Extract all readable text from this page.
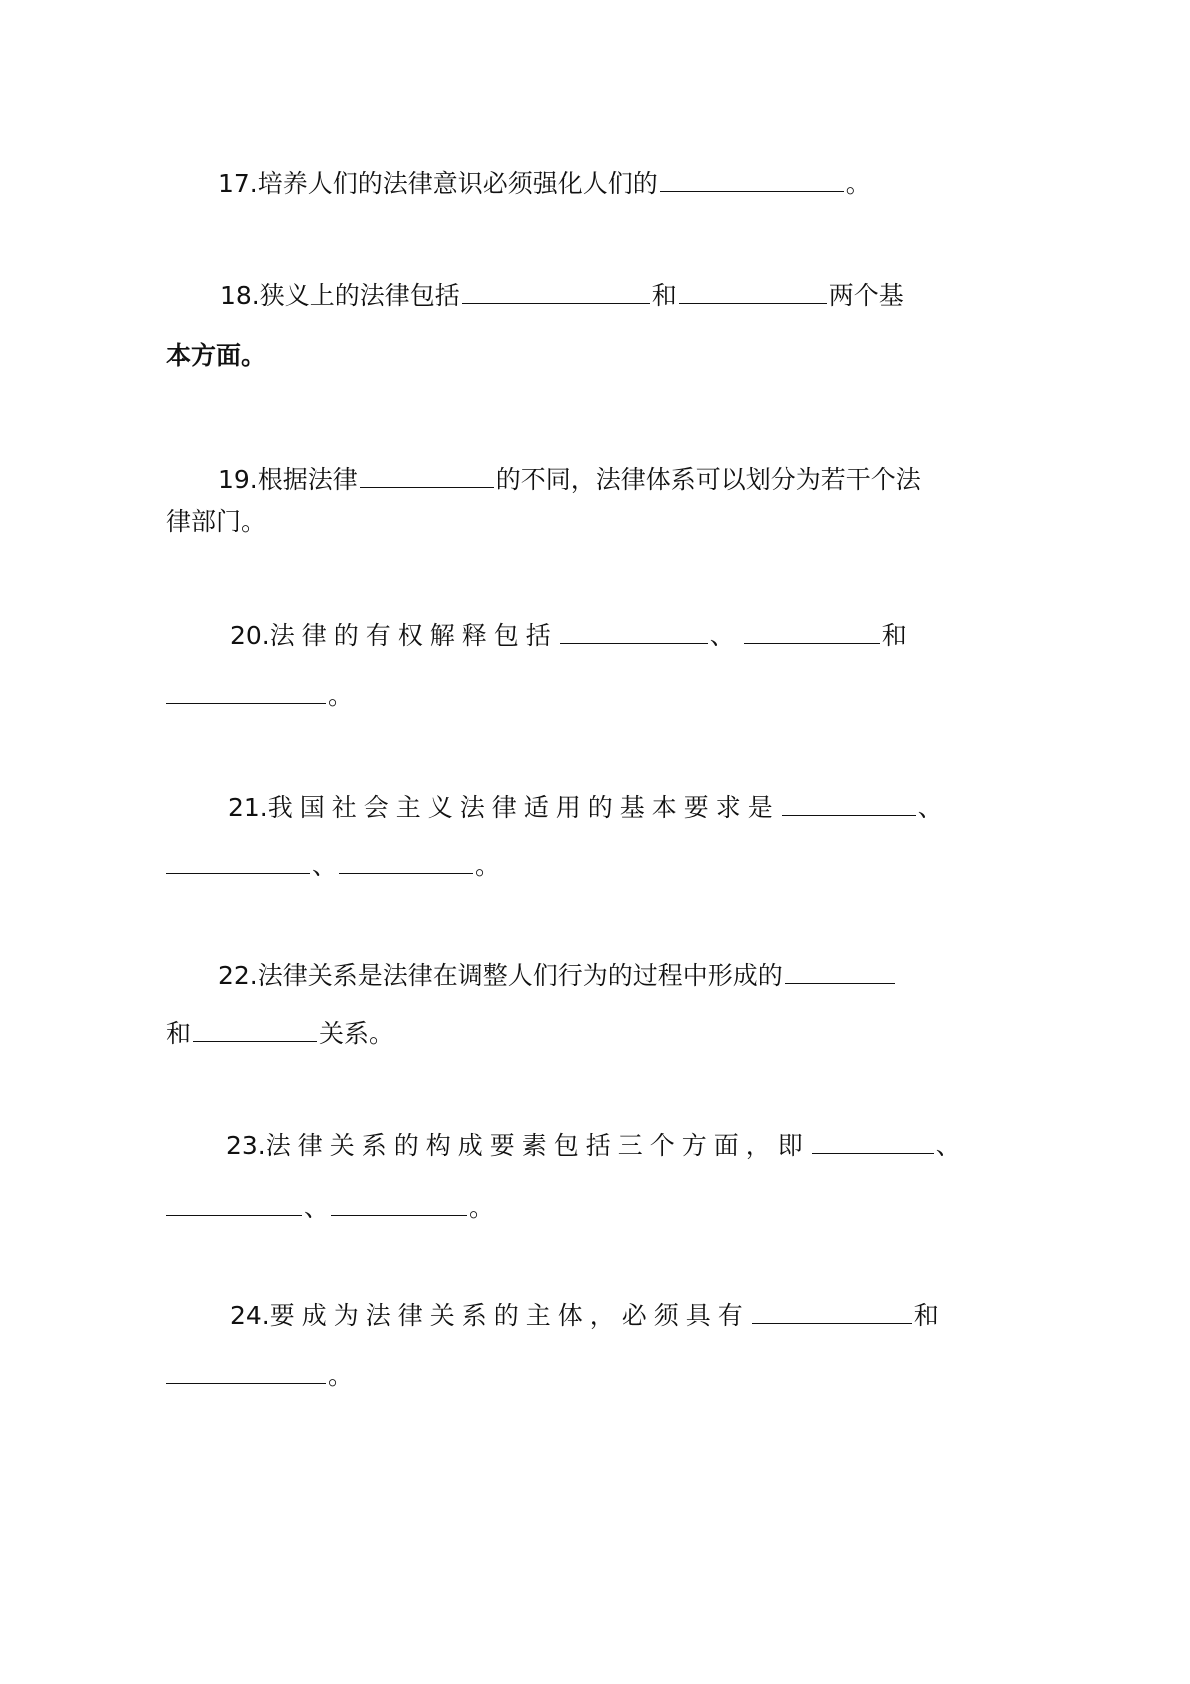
17.培养人们的法律意识必须强化人们的	。
18.狭义上的法律包括	和	两个基
本方面。
19.根据法律	的不同，法律体系可以划分为若干个法
律部门。
20.法律的有权解释包括	、	和
。
21.我国社会主义法律适用的基本要求是	、
、	。
22.法律关系是法律在调整人们行为的过程中形成的
和	关系。
23.法律关系的构成要素包括三个方面，即	、
、	。
24.要成为法律关系的主体，必须具有	和
。
